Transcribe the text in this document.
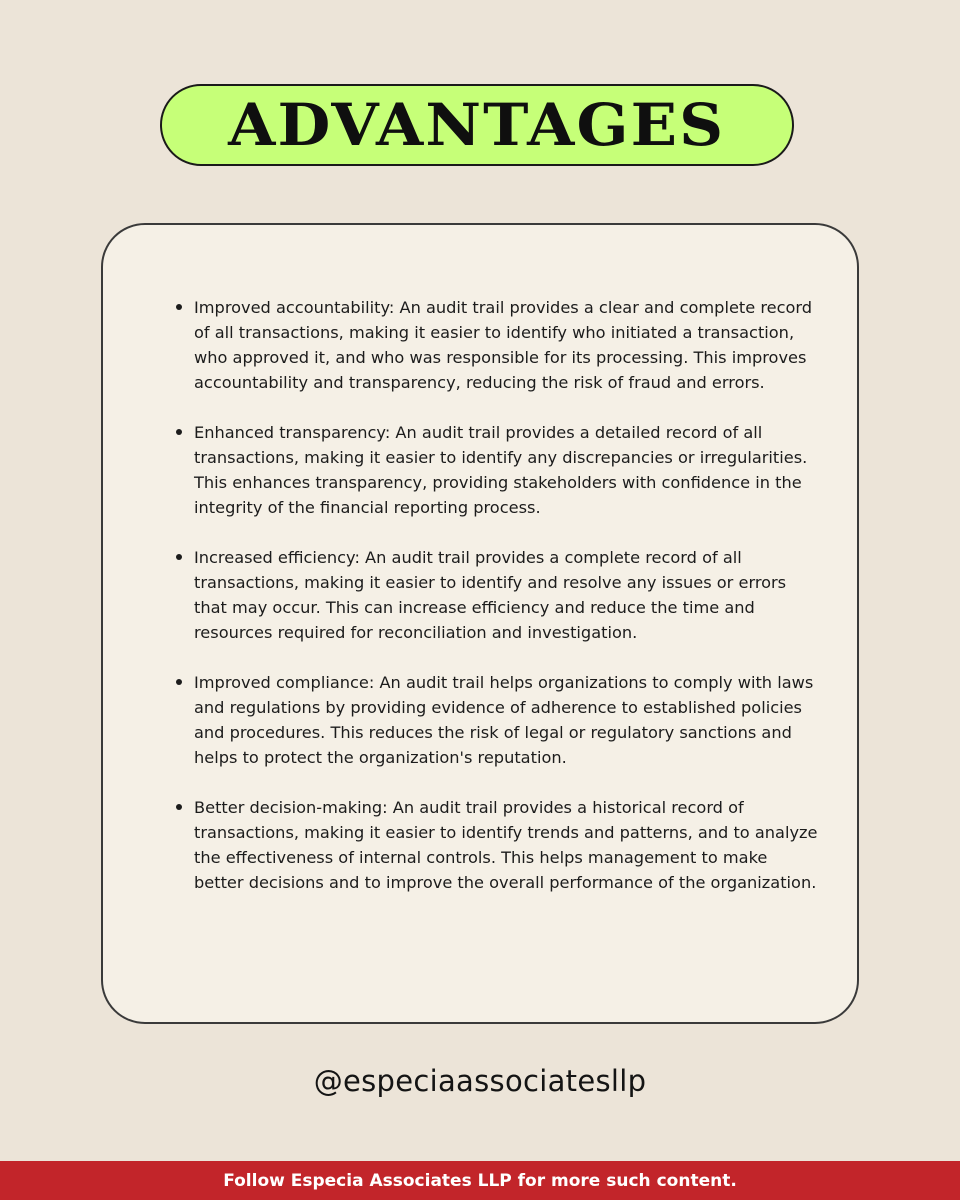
ADVANTAGES
Improved accountability: An audit trail provides a clear and complete record of all transactions, making it easier to identify who initiated a transaction, who approved it, and who was responsible for its processing. This improves accountability and transparency, reducing the risk of fraud and errors.
Enhanced transparency: An audit trail provides a detailed record of all transactions, making it easier to identify any discrepancies or irregularities. This enhances transparency, providing stakeholders with confidence in the integrity of the financial reporting process.
Increased efficiency: An audit trail provides a complete record of all transactions, making it easier to identify and resolve any issues or errors that may occur. This can increase efficiency and reduce the time and resources required for reconciliation and investigation.
Improved compliance: An audit trail helps organizations to comply with laws and regulations by providing evidence of adherence to established policies and procedures. This reduces the risk of legal or regulatory sanctions and helps to protect the organization's reputation.
Better decision-making: An audit trail provides a historical record of transactions, making it easier to identify trends and patterns, and to analyze the effectiveness of internal controls. This helps management to make better decisions and to improve the overall performance of the organization.
@especiaassociatesllp
Follow Especia Associates LLP for more such content.
